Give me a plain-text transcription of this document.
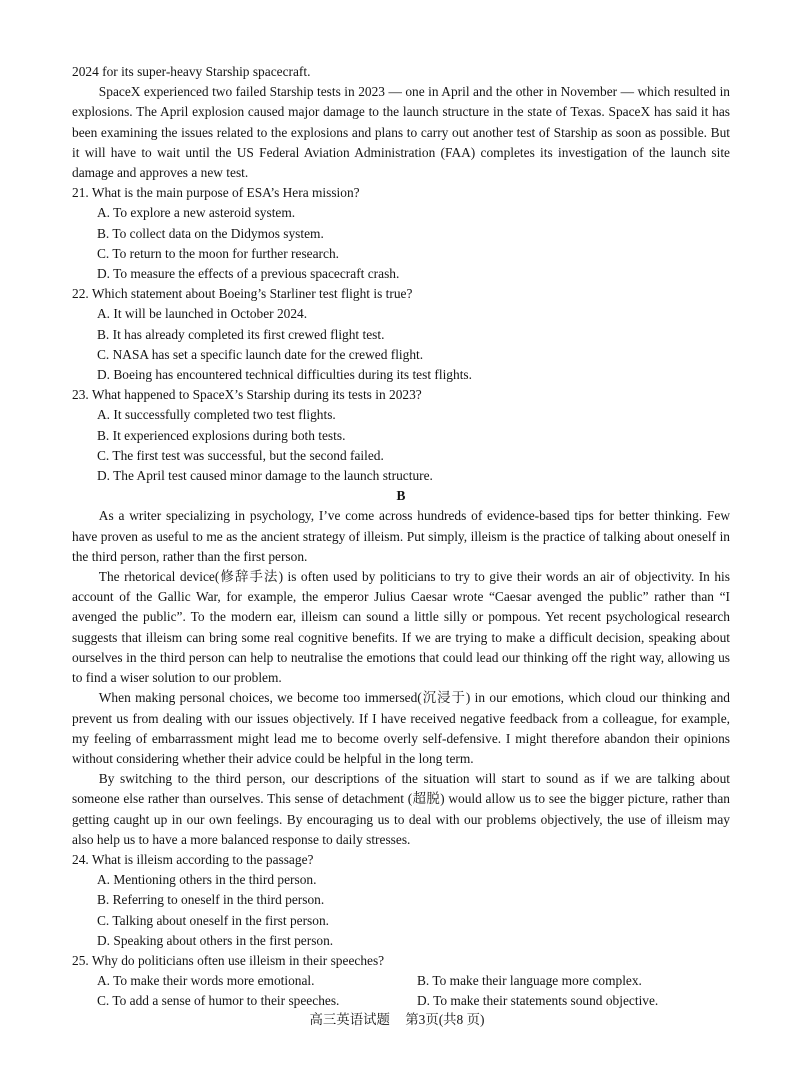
2024 for its super-heavy Starship spacecraft.

SpaceX experienced two failed Starship tests in 2023 — one in April and the other in November — which resulted in explosions. The April explosion caused major damage to the launch structure in the state of Texas. SpaceX has said it has been examining the issues related to the explosions and plans to carry out another test of Starship as soon as possible. But it will have to wait until the US Federal Aviation Administration (FAA) completes its investigation of the launch site damage and approves a new test.

21. What is the main purpose of ESA’s Hera mission?

A. To explore a new asteroid system.

B. To collect data on the Didymos system.

C. To return to the moon for further research.

D. To measure the effects of a previous spacecraft crash.

22. Which statement about Boeing’s Starliner test flight is true?

A. It will be launched in October 2024.

B. It has already completed its first crewed flight test.

C. NASA has set a specific launch date for the crewed flight.

D. Boeing has encountered technical difficulties during its test flights.

23. What happened to SpaceX’s Starship during its tests in 2023?

A. It successfully completed two test flights.

B. It experienced explosions during both tests.

C. The first test was successful, but the second failed.

D. The April test caused minor damage to the launch structure.

B

As a writer specializing in psychology, I’ve come across hundreds of evidence-based tips for better thinking. Few have proven as useful to me as the ancient strategy of illeism. Put simply, illeism is the practice of talking about oneself in the third person, rather than the first person.

The rhetorical device(修辞手法) is often used by politicians to try to give their words an air of objectivity. In his account of the Gallic War, for example, the emperor Julius Caesar wrote “Caesar avenged the public” rather than “I avenged the public”. To the modern ear, illeism can sound a little silly or pompous. Yet recent psychological research suggests that illeism can bring some real cognitive benefits. If we are trying to make a difficult decision, speaking about ourselves in the third person can help to neutralise the emotions that could lead our thinking off the right way, allowing us to find a wiser solution to our problem.

When making personal choices, we become too immersed(沉浸于) in our emotions, which cloud our thinking and prevent us from dealing with our issues objectively. If I have received negative feedback from a colleague, for example, my feeling of embarrassment might lead me to become overly self-defensive. I might therefore abandon their opinions without considering whether their advice could be helpful in the long term.

By switching to the third person, our descriptions of the situation will start to sound as if we are talking about someone else rather than ourselves. This sense of detachment (超脱) would allow us to see the bigger picture, rather than getting caught up in our own feelings. By encouraging us to deal with our problems objectively, the use of illeism may also help us to have a more balanced response to daily stresses.

24. What is illeism according to the passage?

A. Mentioning others in the third person.

B. Referring to oneself in the third person.

C. Talking about oneself in the first person.

D. Speaking about others in the first person.

25. Why do politicians often use illeism in their speeches?

A. To make their words more emotional.	B. To make their language more complex.
C. To add a sense of humor to their speeches.	D. To make their statements sound objective.
高三英语试题 第3页(共8 页)
